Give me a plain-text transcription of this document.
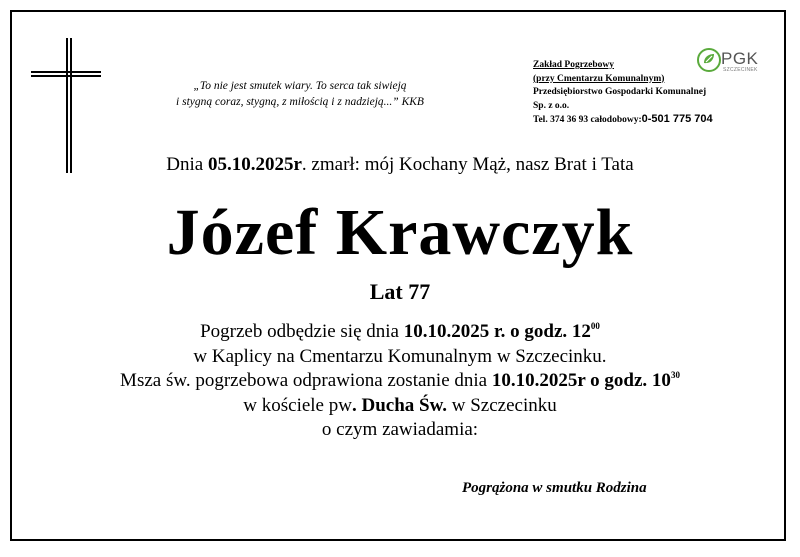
„To nie jest smutek wiary. To serca tak siwieją
i stygną coraz, stygną, z miłością i z nadzieją...” KKB
Zakład Pogrzebowy
(przy Cmentarzu Komunalnym)
Przedsiębiorstwo Gospodarki Komunalnej
Sp. z o.o.
Tel. 374 36 93 całodobowy:0-501 775 704
PGK
SZCZECINEK
Dnia 05.10.2025r. zmarł: mój Kochany Mąż, nasz Brat i Tata
Józef Krawczyk
Lat 77
Pogrzeb odbędzie się dnia 10.10.2025 r. o godz. $12^{00}$
w Kaplicy na Cmentarzu Komunalnym w Szczecinku.
Msza św. pogrzebowa odprawiona zostanie dnia 10.10.2025r o godz. $10^{30}$
w kościele pw. Ducha Św. w Szczecinku
o czym zawiadamia:
Pogrążona w smutku Rodzina
